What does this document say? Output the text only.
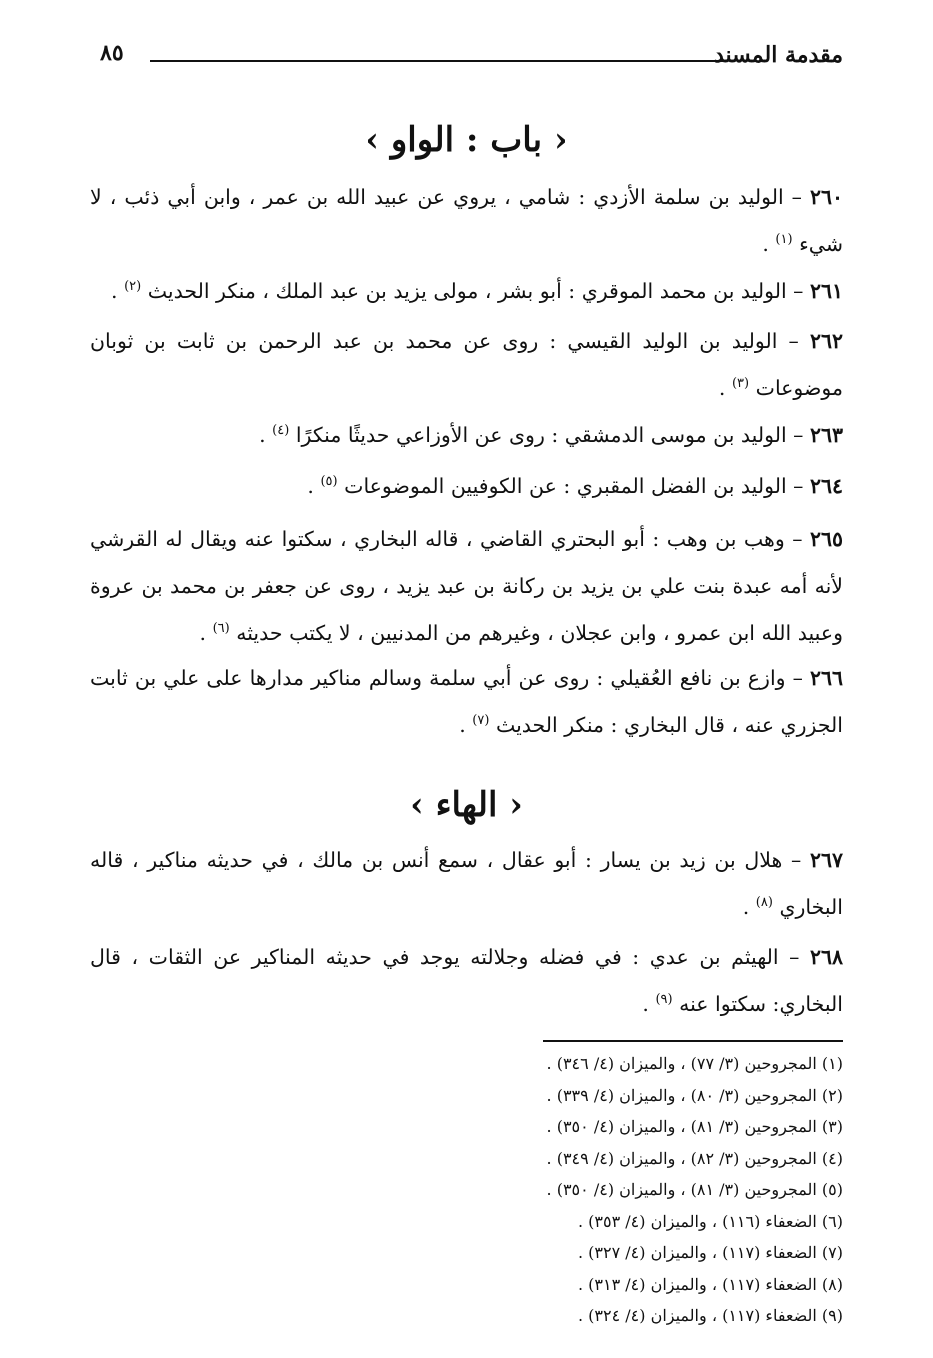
مقدمة المسند
٨٥
‹ باب : الواو ›

٢٦٠ – الوليد بن سلمة الأزدي : شامي ، يروي عن عبيد الله بن عمر ، وابن أبي ذئب ، لا شيء $^{(١)}$ .

٢٦١ – الوليد بن محمد الموقري : أبو بشر ، مولى يزيد بن عبد الملك ، منكر الحديث $^{(٢)}$ .

٢٦٢ – الوليد بن الوليد القيسي : روى عن محمد بن عبد الرحمن بن ثابت بن ثوبان موضوعات $^{(٣)}$ .

٢٦٣ – الوليد بن موسى الدمشقي : روى عن الأوزاعي حديثًا منكرًا $^{(٤)}$ .

٢٦٤ – الوليد بن الفضل المقبري : عن الكوفيين الموضوعات $^{(٥)}$ .

٢٦٥ – وهب بن وهب : أبو البحتري القاضي ، قاله البخاري ، سكتوا عنه ويقال له القرشي لأنه أمه عبدة بنت علي بن يزيد بن ركانة بن عبد يزيد ، روى عن جعفر بن محمد بن عروة وعبيد الله ابن عمرو ، وابن عجلان ، وغيرهم من المدنيين ، لا يكتب حديثه $^{(٦)}$ .

٢٦٦ – وازع بن نافع العُقيلي : روى عن أبي سلمة وسالم مناكير مدارها على علي بن ثابت الجزري عنه ، قال البخاري : منكر الحديث $^{(٧)}$ .

‹ الهاء ›

٢٦٧ – هلال بن زيد بن يسار : أبو عقال ، سمع أنس بن مالك ، في حديثه مناكير ، قاله البخاري $^{(٨)}$ .

٢٦٨ – الهيثم بن عدي : في فضله وجلالته يوجد في حديثه المناكير عن الثقات ، قال البخاري: سكتوا عنه $^{(٩)}$ .

(١) المجروحين (٣/ ٧٧) ، والميزان (٤/ ٣٤٦) .
(٢) المجروحين (٣/ ٨٠) ، والميزان (٤/ ٣٣٩) .
(٣) المجروحين (٣/ ٨١) ، والميزان (٤/ ٣٥٠) .
(٤) المجروحين (٣/ ٨٢) ، والميزان (٤/ ٣٤٩) .
(٥) المجروحين (٣/ ٨١) ، والميزان (٤/ ٣٥٠) .
(٦) الضعفاء (١١٦) ، والميزان (٤/ ٣٥٣) .
(٧) الضعفاء (١١٧) ، والميزان (٤/ ٣٢٧) .
(٨) الضعفاء (١١٧) ، والميزان (٤/ ٣١٣) .
(٩) الضعفاء (١١٧) ، والميزان (٤/ ٣٢٤) .
